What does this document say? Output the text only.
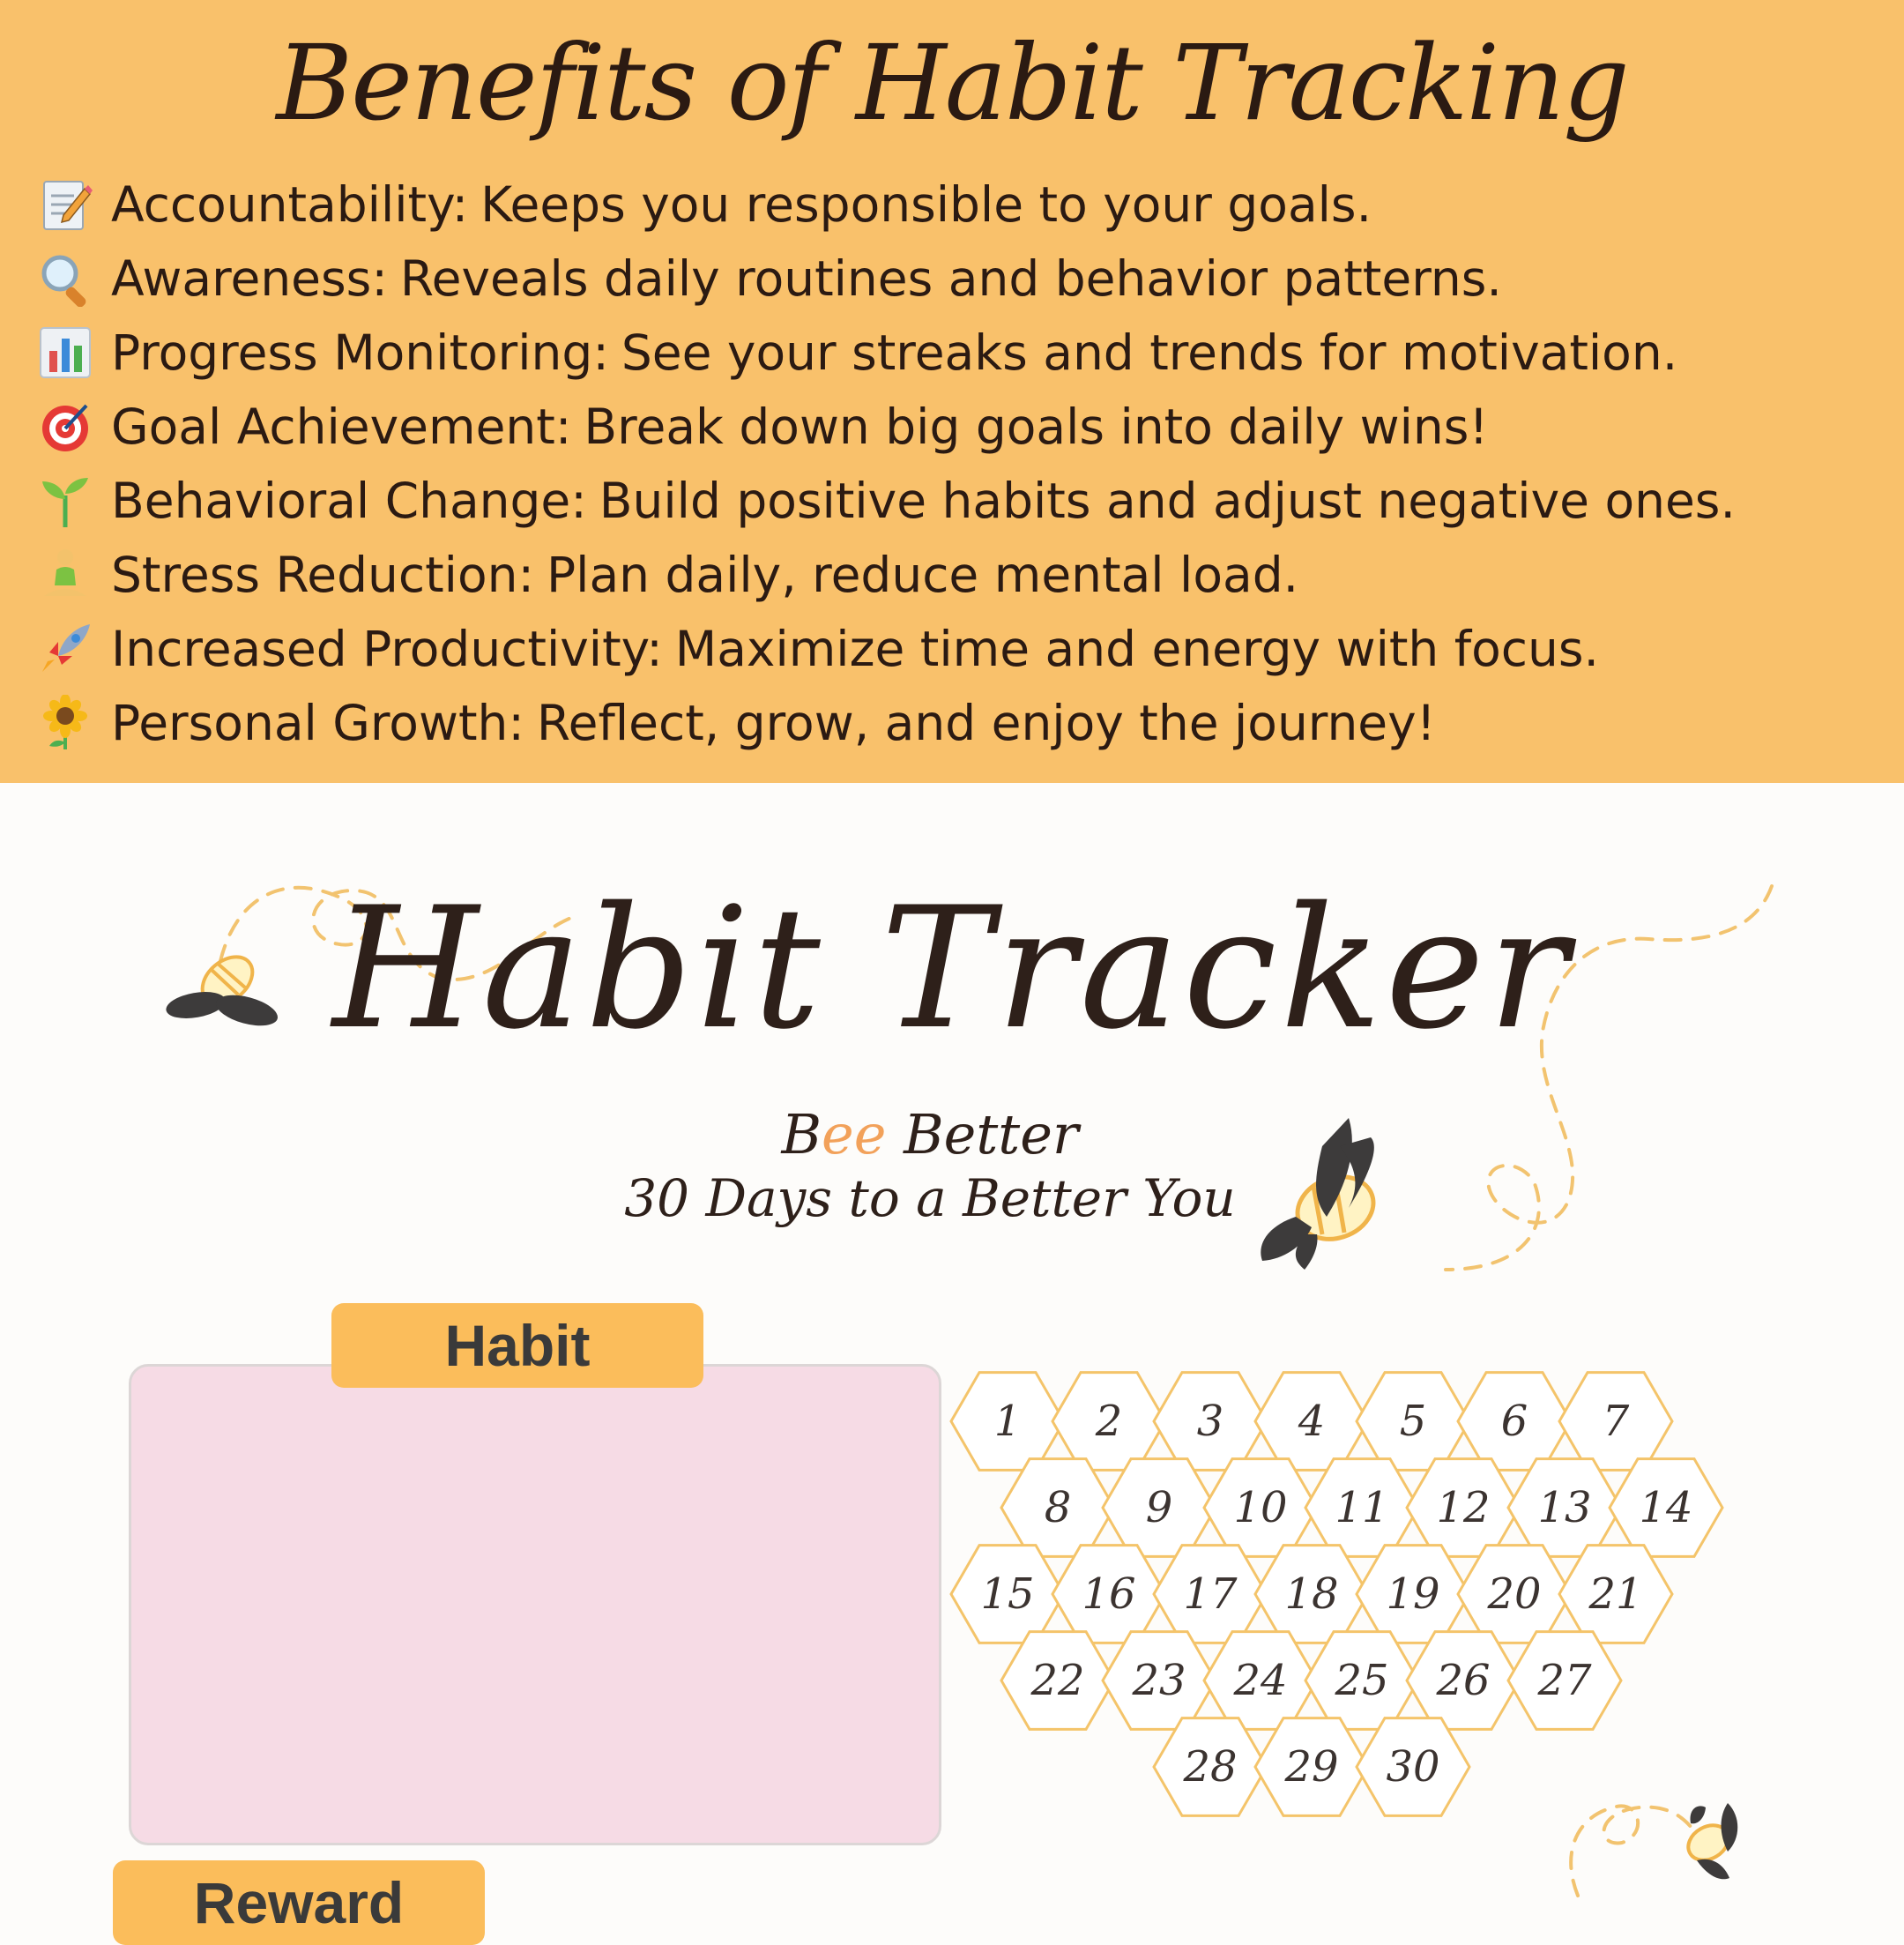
Benefits of Habit Tracking
Accountability: Keeps you responsible to your goals.
Awareness: Reveals daily routines and behavior patterns.
Progress Monitoring: See your streaks and trends for motivation.
Goal Achievement: Break down big goals into daily wins!
Behavioral Change: Build positive habits and adjust negative ones.
Stress Reduction: Plan daily, reduce mental load.
Increased Productivity: Maximize time and energy with focus.
Personal Growth: Reflect, grow, and enjoy the journey!
Habit Tracker
Bee Better
30 Days to a Better You
Habit
Reward
1 2 3 4 5 6 7
8 9 10 11 12 13 14
15 16 17 18 19 20 21
22 23 24 25 26 27
28 29 30
